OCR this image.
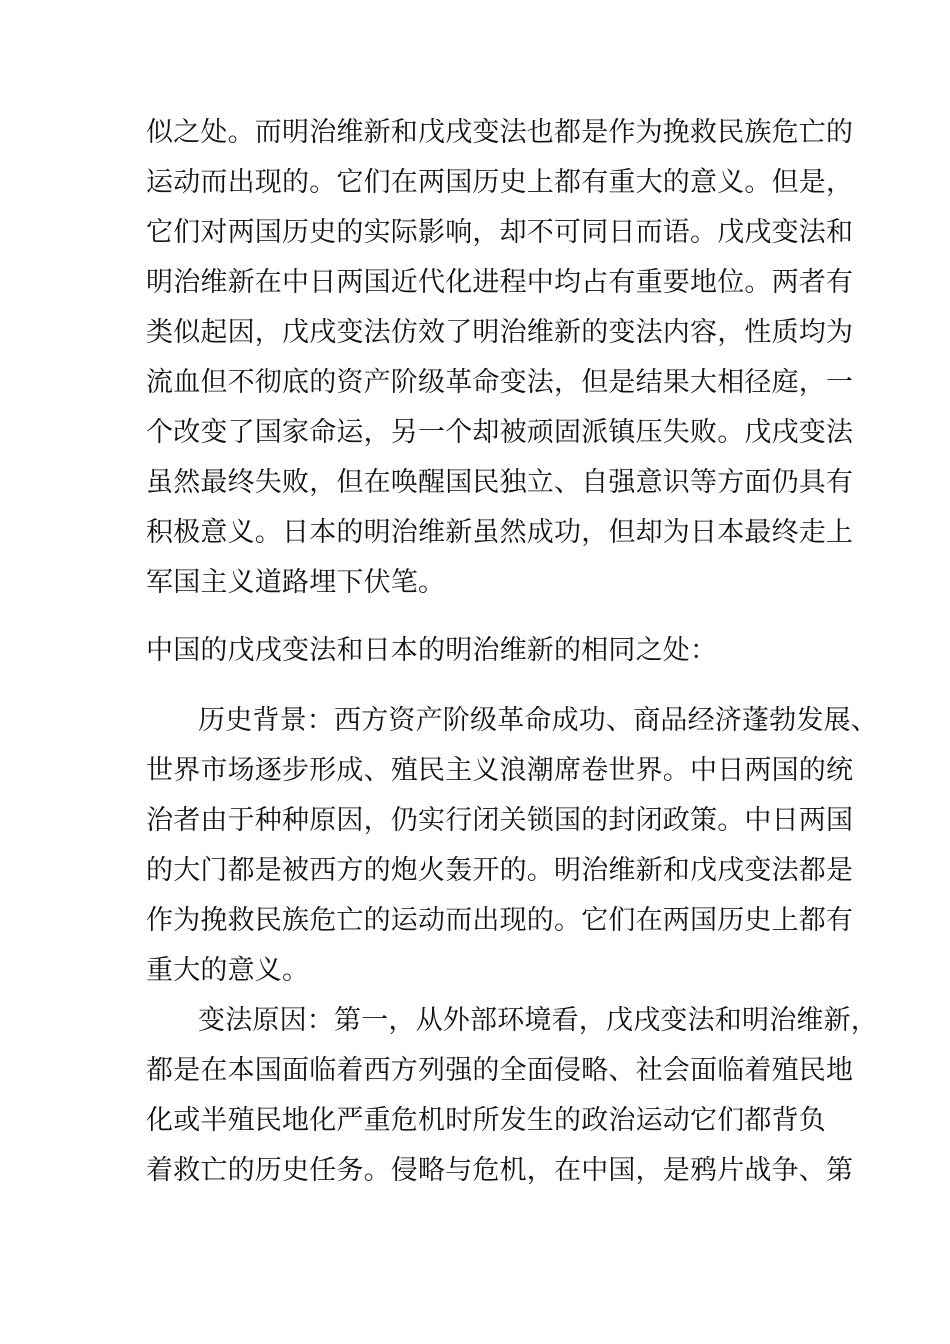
似之处。而明治维新和戊戌变法也都是作为挽救民族危亡的
运动而出现的。它们在两国历史上都有重大的意义。但是，
它们对两国历史的实际影响，却不可同日而语。戊戌变法和
明治维新在中日两国近代化进程中均占有重要地位。两者有
类似起因，戊戌变法仿效了明治维新的变法内容，性质均为
流血但不彻底的资产阶级革命变法，但是结果大相径庭，一
个改变了国家命运，另一个却被顽固派镇压失败。戊戌变法
虽然最终失败，但在唤醒国民独立、自强意识等方面仍具有
积极意义。日本的明治维新虽然成功，但却为日本最终走上
军国主义道路埋下伏笔。
中国的戊戌变法和日本的明治维新的相同之处：
历史背景：西方资产阶级革命成功、商品经济蓬勃发展、
世界市场逐步形成、殖民主义浪潮席卷世界。中日两国的统
治者由于种种原因，仍实行闭关锁国的封闭政策。中日两国
的大门都是被西方的炮火轰开的。明治维新和戊戌变法都是
作为挽救民族危亡的运动而出现的。它们在两国历史上都有
重大的意义。
变法原因：第一，从外部环境看，戊戌变法和明治维新，
都是在本国面临着西方列强的全面侵略、社会面临着殖民地
化或半殖民地化严重危机时所发生的政治运动它们都背负
着救亡的历史任务。侵略与危机，在中国，是鸦片战争、第
